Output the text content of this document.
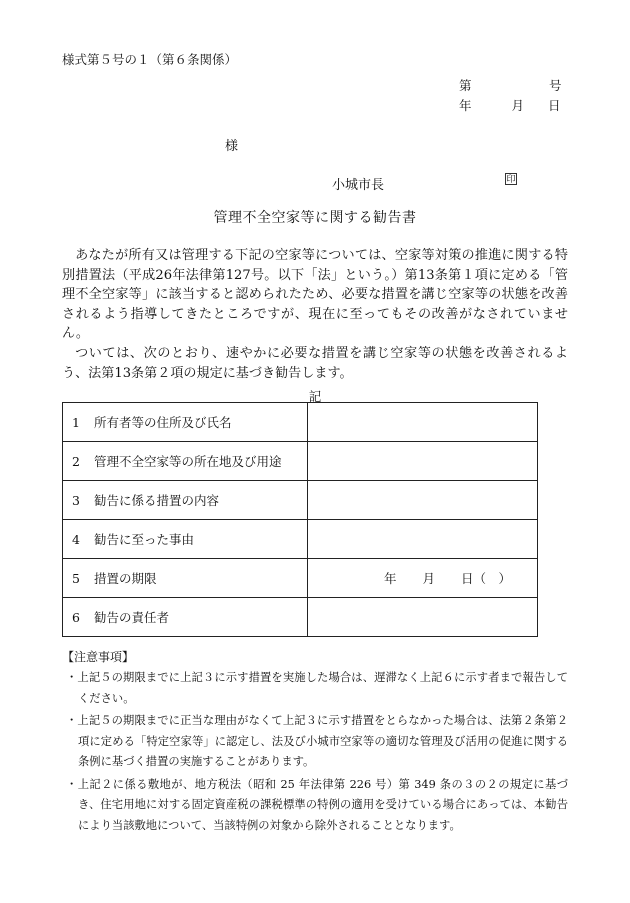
様式第５号の１（第６条関係）
第	号
年	月 日
様
小城市長	印
管理不全空家等に関する勧告書

あなたが所有又は管理する下記の空家等については、空家等対策の推進に関する特別措置法（平成26年法律第127号。以下「法」という。）第13条第１項に定める「管理不全空家等」に該当すると認められたため、必要な措置を講じ空家等の状態を改善されるよう指導してきたところですが、現在に至ってもその改善がなされていません。

ついては、次のとおり、速やかに必要な措置を講じ空家等の状態を改善されるよう、法第13条第２項の規定に基づき勧告します。

記
1 所有者等の住所及び氏名	
2 管理不全空家等の所在地及び用途	
3 勧告に係る措置の内容	
4 勧告に至った事由	
5 措置の期限	年 月 日（　）

6 勧告の責任者	
【注意事項】
・上記５の期限までに上記３に示す措置を実施した場合は、遅滞なく上記６に示す者まで報告してください。
・上記５の期限までに正当な理由がなくて上記３に示す措置をとらなかった場合は、法第２条第２項に定める「特定空家等」に認定し、法及び小城市空家等の適切な管理及び活用の促進に関する条例に基づく措置の実施することがあります。
・上記２に係る敷地が、地方税法（昭和 25 年法律第 226 号）第 349 条の３の２の規定に基づき、住宅用地に対する固定資産税の課税標準の特例の適用を受けている場合にあっては、本勧告により当該敷地について、当該特例の対象から除外されることとなります。
